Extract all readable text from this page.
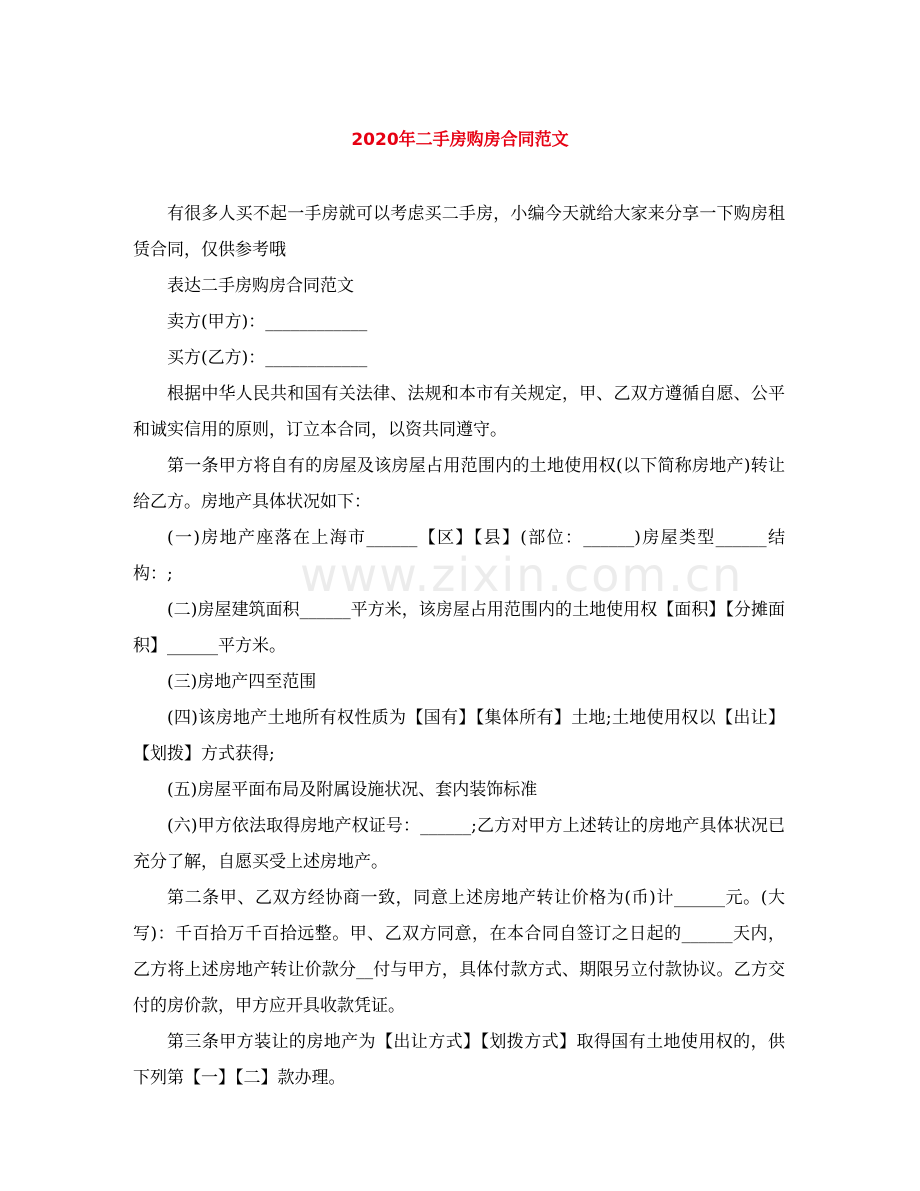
2020年二手房购房合同范文

有很多人买不起一手房就可以考虑买二手房，小编今天就给大家来分享一下购房租赁合同，仅供参考哦

表达二手房购房合同范文

卖方(甲方)：____________

买方(乙方)：____________

根据中华人民共和国有关法律、法规和本市有关规定，甲、乙双方遵循自愿、公平和诚实信用的原则，订立本合同，以资共同遵守。

第一条甲方将自有的房屋及该房屋占用范围内的土地使用权(以下简称房地产)转让给乙方。房地产具体状况如下：

(一)房地产座落在上海市______【区】【县】(部位：______)房屋类型______结构：;

(二)房屋建筑面积______平方米，该房屋占用范围内的土地使用权【面积】【分摊面积】______平方米。

(三)房地产四至范围

(四)该房地产土地所有权性质为【国有】【集体所有】土地;土地使用权以【出让】【划拨】方式获得;

(五)房屋平面布局及附属设施状况、套内装饰标准

(六)甲方依法取得房地产权证号：______;乙方对甲方上述转让的房地产具体状况已充分了解，自愿买受上述房地产。

第二条甲、乙双方经协商一致，同意上述房地产转让价格为(币)计______元。(大写)：千百拾万千百拾远整。甲、乙双方同意，在本合同自签订之日起的______天内，乙方将上述房地产转让价款分__付与甲方，具体付款方式、期限另立付款协议。乙方交付的房价款，甲方应开具收款凭证。

第三条甲方装让的房地产为【出让方式】【划拨方式】取得国有土地使用权的，供下列第【一】【二】款办理。

www.zixin.com.cn
